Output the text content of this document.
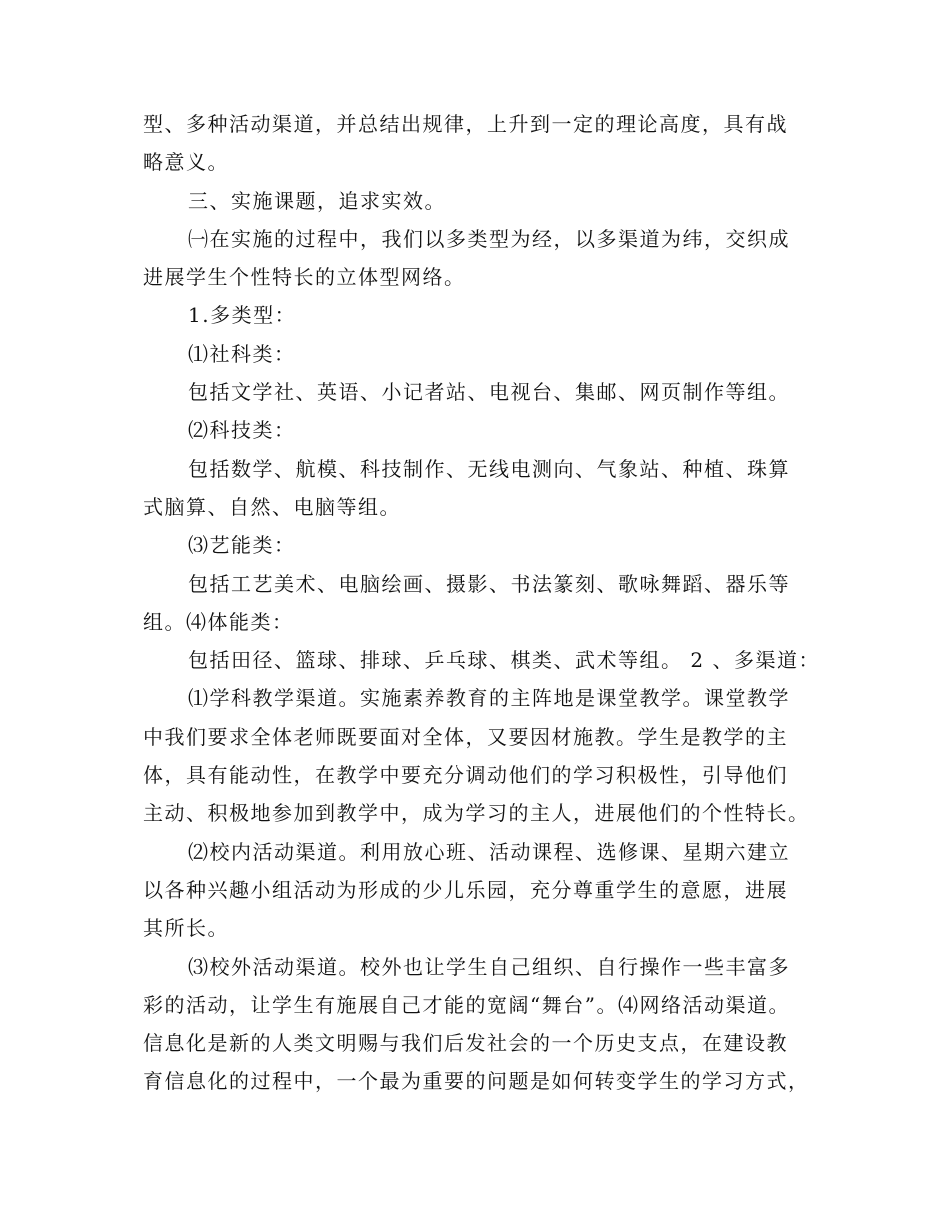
型、多种活动渠道，并总结出规律，上升到一定的理论高度，具有战
略意义。
三、实施课题，追求实效。
㈠在实施的过程中，我们以多类型为经，以多渠道为纬，交织成
进展学生个性特长的立体型网络。
1.多类型：
⑴社科类：
包括文学社、英语、小记者站、电视台、集邮、网页制作等组。
⑵科技类：
包括数学、航模、科技制作、无线电测向、气象站、种植、珠算
式脑算、自然、电脑等组。
⑶艺能类：
包括工艺美术、电脑绘画、摄影、书法篆刻、歌咏舞蹈、器乐等
组。⑷体能类：
包括田径、篮球、排球、乒乓球、棋类、武术等组。 2 、多渠道：
⑴学科教学渠道。实施素养教育的主阵地是课堂教学。课堂教学
中我们要求全体老师既要面对全体，又要因材施教。学生是教学的主
体，具有能动性，在教学中要充分调动他们的学习积极性，引导他们
主动、积极地参加到教学中，成为学习的主人，进展他们的个性特长。
⑵校内活动渠道。利用放心班、活动课程、选修课、星期六建立
以各种兴趣小组活动为形成的少儿乐园，充分尊重学生的意愿，进展
其所长。
⑶校外活动渠道。校外也让学生自己组织、自行操作一些丰富多
彩的活动，让学生有施展自己才能的宽阔“舞台”。⑷网络活动渠道。
信息化是新的人类文明赐与我们后发社会的一个历史支点，在建设教
育信息化的过程中，一个最为重要的问题是如何转变学生的学习方式，
